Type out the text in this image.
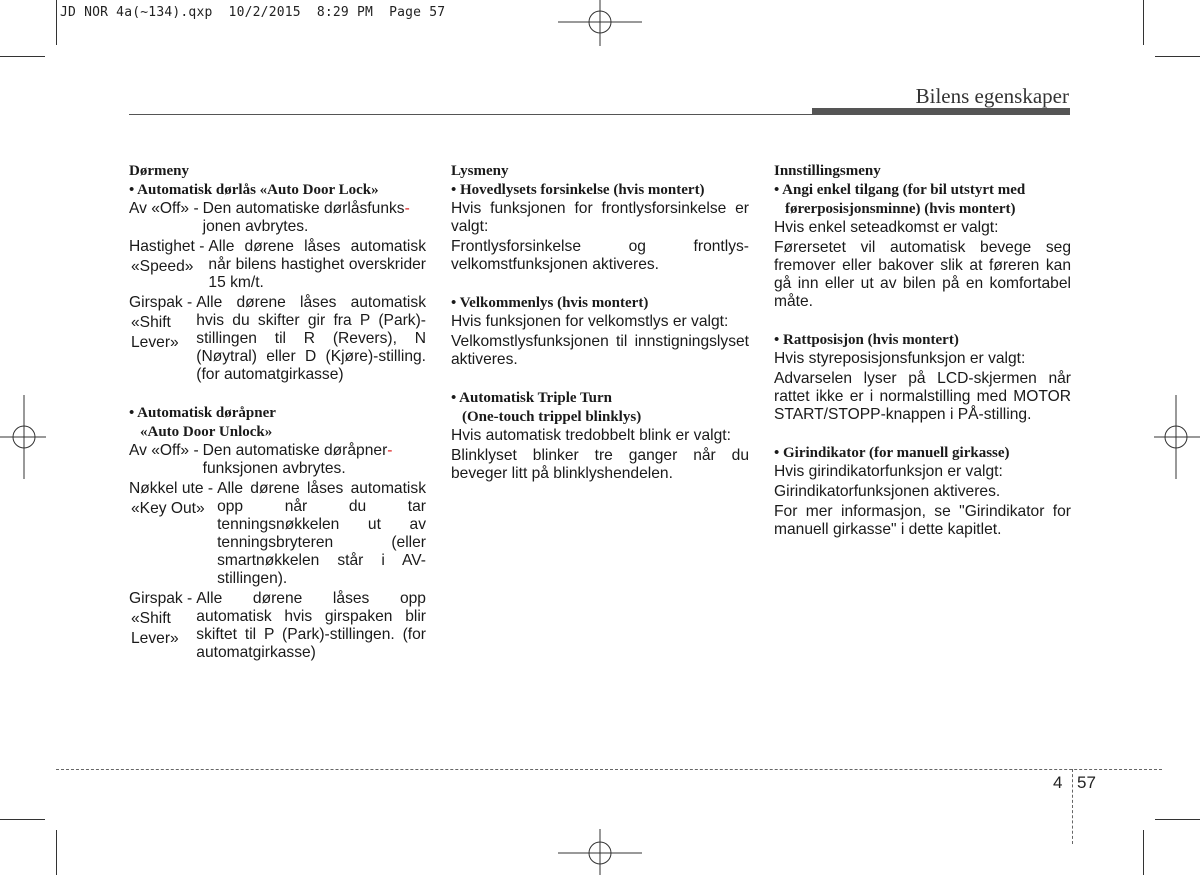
JD NOR 4a(~134).qxp  10/2/2015  8:29 PM  Page 57
Bilens egenskaper

Dørmeny

• Automatisk dørlås «Auto Door Lock»

Av «Off» - Den automatiske dørlåsfunks-
jonen avbrytes.
Hastighet -
«Speed»
Alle dørene låses automatisk når bilens hastighet overskrider 15 km/t.
Girspak -
«Shift
Lever»
Alle dørene låses automatisk hvis du skifter gir fra P (Park)-stillingen til R (Revers), N (Nøytral) eller D (Kjøre)-stilling. (for automatgirkasse)

• Automatisk døråpner

«Auto Door Unlock»

Av «Off» - Den automatiske døråpner-
funksjonen avbrytes.
Nøkkel ute -
«Key Out»
Alle dørene låses automatisk opp når du tar tenningsnøkkelen ut av tenningsbryteren (eller smartnøkkelen står i AV-stillingen).
Girspak -
«Shift
Lever»
Alle dørene låses opp automatisk hvis girspaken blir skiftet til P (Park)-stillingen. (for automatgirkasse)

Lysmeny

• Hovedlysets forsinkelse (hvis montert)

Hvis funksjonen for frontlysforsinkelse er valgt:

Frontlysforsinkelse og frontlys-velkomstfunksjonen aktiveres.

• Velkommenlys (hvis montert)

Hvis funksjonen for velkomstlys er valgt:

Velkomstlysfunksjonen til innstigningslyset aktiveres.

• Automatisk Triple Turn

(One-touch trippel blinklys)

Hvis automatisk tredobbelt blink er valgt:

Blinklyset blinker tre ganger når du beveger litt på blinklyshendelen.

Innstillingsmeny

• Angi enkel tilgang (for bil utstyrt med

førerposisjonsminne) (hvis montert)

Hvis enkel seteadkomst er valgt:

Førersetet vil automatisk bevege seg fremover eller bakover slik at føreren kan gå inn eller ut av bilen på en komfortabel måte.

• Rattposisjon (hvis montert)

Hvis styreposisjonsfunksjon er valgt:

Advarselen lyser på LCD-skjermen når rattet ikke er i normalstilling med MOTOR START/STOPP-knappen i PÅ-stilling.

• Girindikator (for manuell girkasse)

Hvis girindikatorfunksjon er valgt:

Girindikatorfunksjonen aktiveres.

For mer informasjon, se "Girindikator for manuell girkasse" i dette kapitlet.

4 57
